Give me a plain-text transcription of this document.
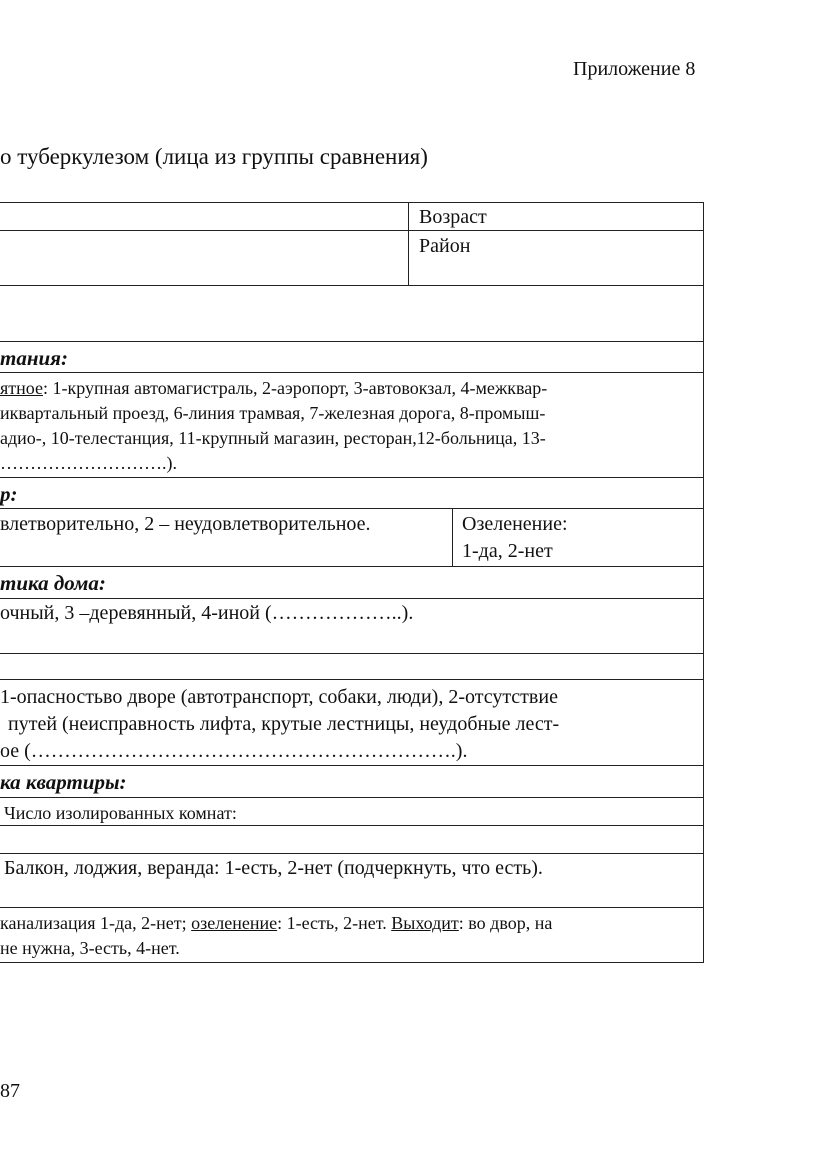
Приложение 8
о туберкулезом (лица из группы сравнения)
Возраст
Район
тания:
ятное: 1-крупная автомагистраль, 2-аэропорт, 3-автовокзал, 4-межквар-
иквартальный проезд, 6-линия трамвая, 7-железная дорога, 8-промыш-
адио-, 10-телестанция, 11-крупный магазин, ресторан,12-больница, 13-
……………………….).
р:
влетворительно, 2 – неудовлетворительное.	Озеленение:
1-да, 2-нет
тика дома:
очный, 3 –деревянный, 4-иной (………………..).
1-опасностьво дворе (автотранспорт, собаки, люди), 2-отсутствие
путей (неисправность лифта, крутые лестницы, неудобные лест-
ое (……………………………………………………….).
ка квартиры:
Число изолированных комнат:
Балкон, лоджия, веранда: 1-есть, 2-нет (подчеркнуть, что есть).
канализация 1-да, 2-нет; озеленение: 1-есть, 2-нет. Выходит: во двор, на
не нужна, 3-есть, 4-нет.
87
